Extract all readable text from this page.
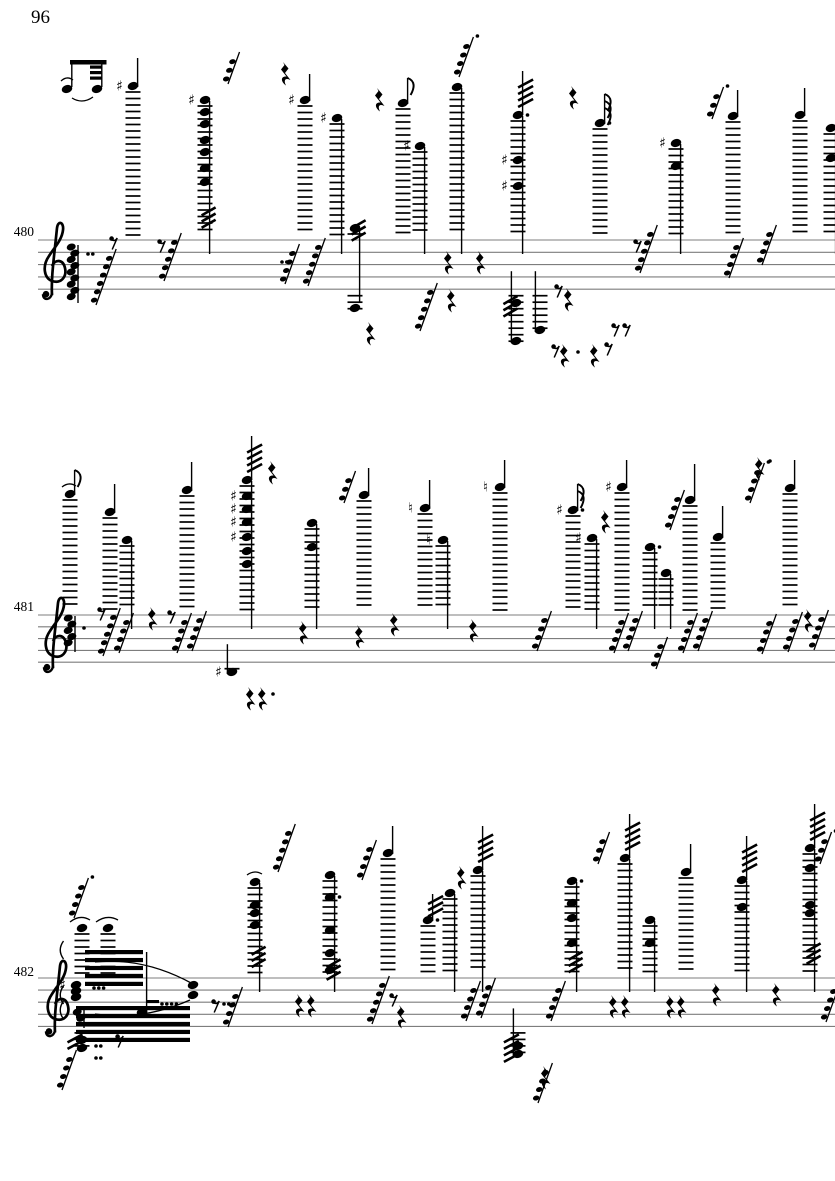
♯
♯	♯
♯
♯
♯
♯
♯
♯
♯
♯
♯
♯
♮
♮
♮
♯
♯
♯
♯
96
480
481
482
